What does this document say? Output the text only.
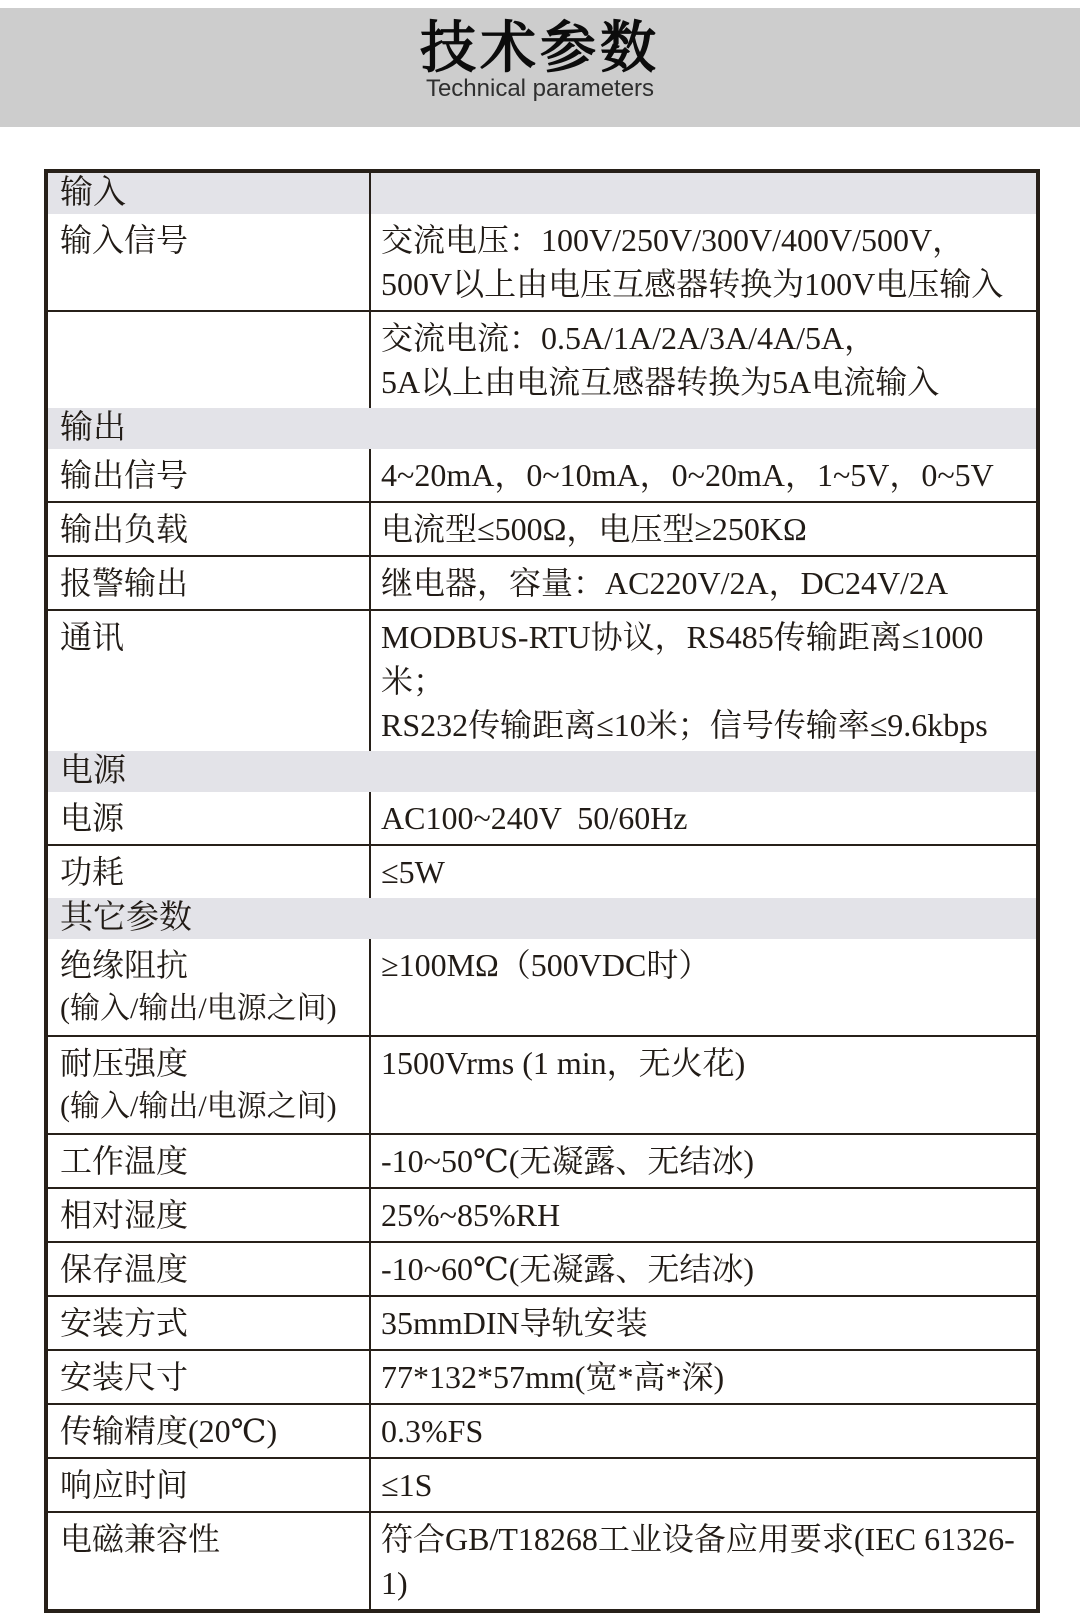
技术参数
Technical parameters
输入	

输入信号	交流电压：100V/250V/300V/400V/500V，
500V以上由电压互感器转换为100V电压输入

	交流电流：0.5A/1A/2A/3A/4A/5A，
5A以上由电流互感器转换为5A电流输入

输出	

输出信号	4~20mA，0~10mA，0~20mA，1~5V，0~5V

输出负载	电流型≤500Ω，电压型≥250KΩ

报警输出	继电器，容量：AC220V/2A，DC24V/2A

通讯	MODBUS-RTU协议，RS485传输距离≤1000米；
RS232传输距离≤10米；信号传输率≤9.6kbps

电源	

电源	AC100~240V  50/60Hz

功耗	≤5W

其它参数	

绝缘阻抗
(输入/输出/电源之间)	≥100MΩ（500VDC时）

耐压强度
(输入/输出/电源之间)	1500Vrms (1 min，无火花)

工作温度	-10~50℃(无凝露、无结冰)

相对湿度	25%~85%RH

保存温度	-10~60℃(无凝露、无结冰)

安装方式	35mmDIN导轨安装

安装尺寸	77*132*57mm(宽*高*深)

传输精度(20℃)	0.3%FS

响应时间	≤1S

电磁兼容性	符合GB/T18268工业设备应用要求(IEC 61326-1)
